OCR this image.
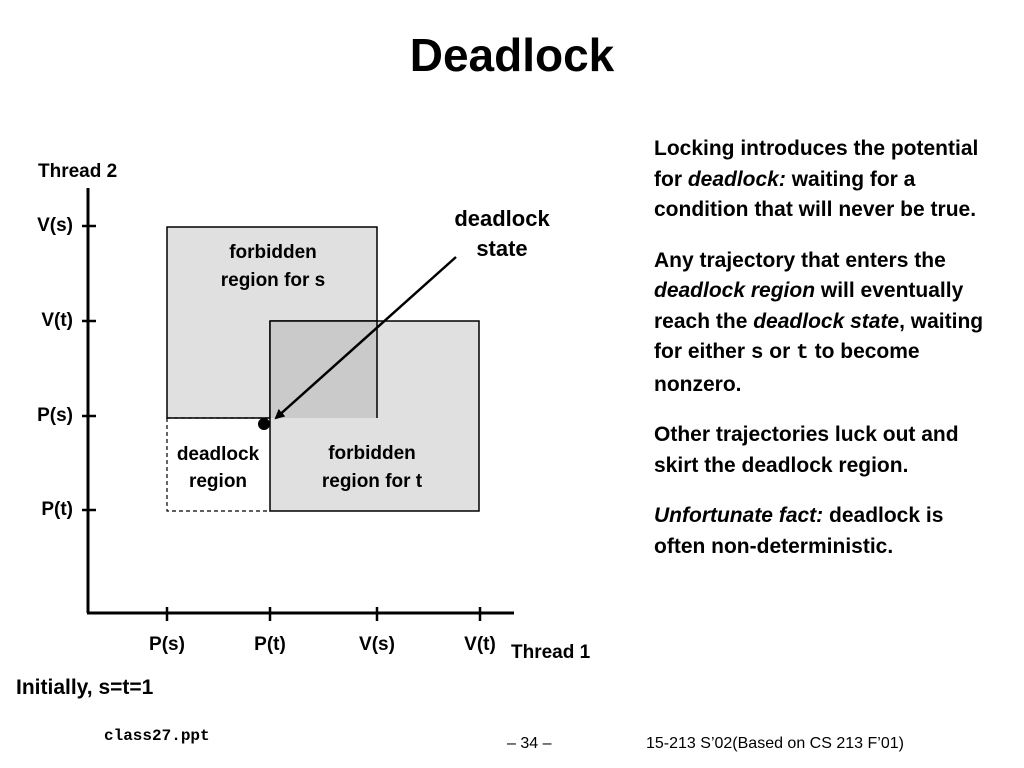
Deadlock
Thread 2
Thread 1
V(s)
V(t)
P(s)
P(t)
P(s)	P(t)	V(s)	V(t)
forbidden
region for s
forbidden
region for t
deadlock
region
deadlock
state

Locking introduces the potential for deadlock: waiting for a condition that will never be true.

Any trajectory that enters the deadlock region will eventually reach the deadlock state, waiting for either s or t to become nonzero.

Other trajectories luck out and skirt the deadlock region.

Unfortunate fact: deadlock is often non-deterministic.

Initially, s=t=1
class27.ppt	– 34 –	15-213 S’02(Based on CS 213 F’01)
